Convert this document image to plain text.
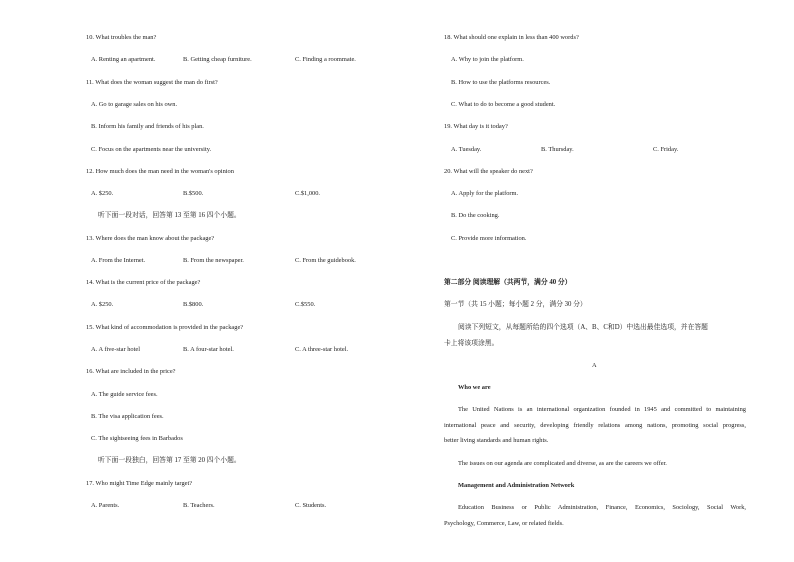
10. What troubles the man?
A. Renting an apartment.	B. Getting cheap furniture.	C. Finding a roommate.
11. What does the woman suggest the man do first?
A. Go to garage sales on his own.
B. Inform his family and friends of his plan.
C. Focus on the apartments near the university.
12. How much does the man need in the woman's opinion
A. $250.	B.$500.	C.$1,000.
听下面一段对话，回答第 13 至第 16 四个小题。
13. Where does the man know about the package?
A. From the Internet.	B. From the newspaper.	C. From the guidebook.
14. What is the current price of the package?
A. $250.	B.$800.	C.$550.
15. What kind of accommodation is provided in the package?
A. A five-star hotel	B. A four-star hotel.	C. A three-star hotel.
16. What are included in the price?
A. The guide service fees.
B. The visa application fees.
C. The sightseeing fees in Barbados
听下面一段独白，回答第 17 至第 20 四个小题。
17. Who might Time Edge mainly target?
A. Parents.	B. Teachers.	C. Students.
18. What should one explain in less than 400 words?
A. Why to join the platform.
B. How to use the platforms resources.
C. What to do to become a good student.
19. What day is it today?
A. Tuesday.	B. Thursday.	C. Friday.
20. What will the speaker do next?
A. Apply for the platform.
B. Do the cooking.
C. Provide more information.
第二部分 阅读理解（共两节，满分 40 分）
第一节（共 15 小题；每小题 2 分，满分 30 分）
阅读下列短文，从每题所给的四个选项（A、B、C和D）中选出最佳选项，并在答题
卡上将该项涂黑。
A
Who we are
The United Nations is an international organization founded in 1945 and committed to maintaining
international peace and security, developing friendly relations among nations, promoting social progress,
better living standards and human rights.
The issues on our agenda are complicated and diverse, as are the careers we offer.
Management and Administration Network
Education Business or Public Administration, Finance, Economics, Sociology, Social Work,
Psychology, Commerce, Law, or related fields.
